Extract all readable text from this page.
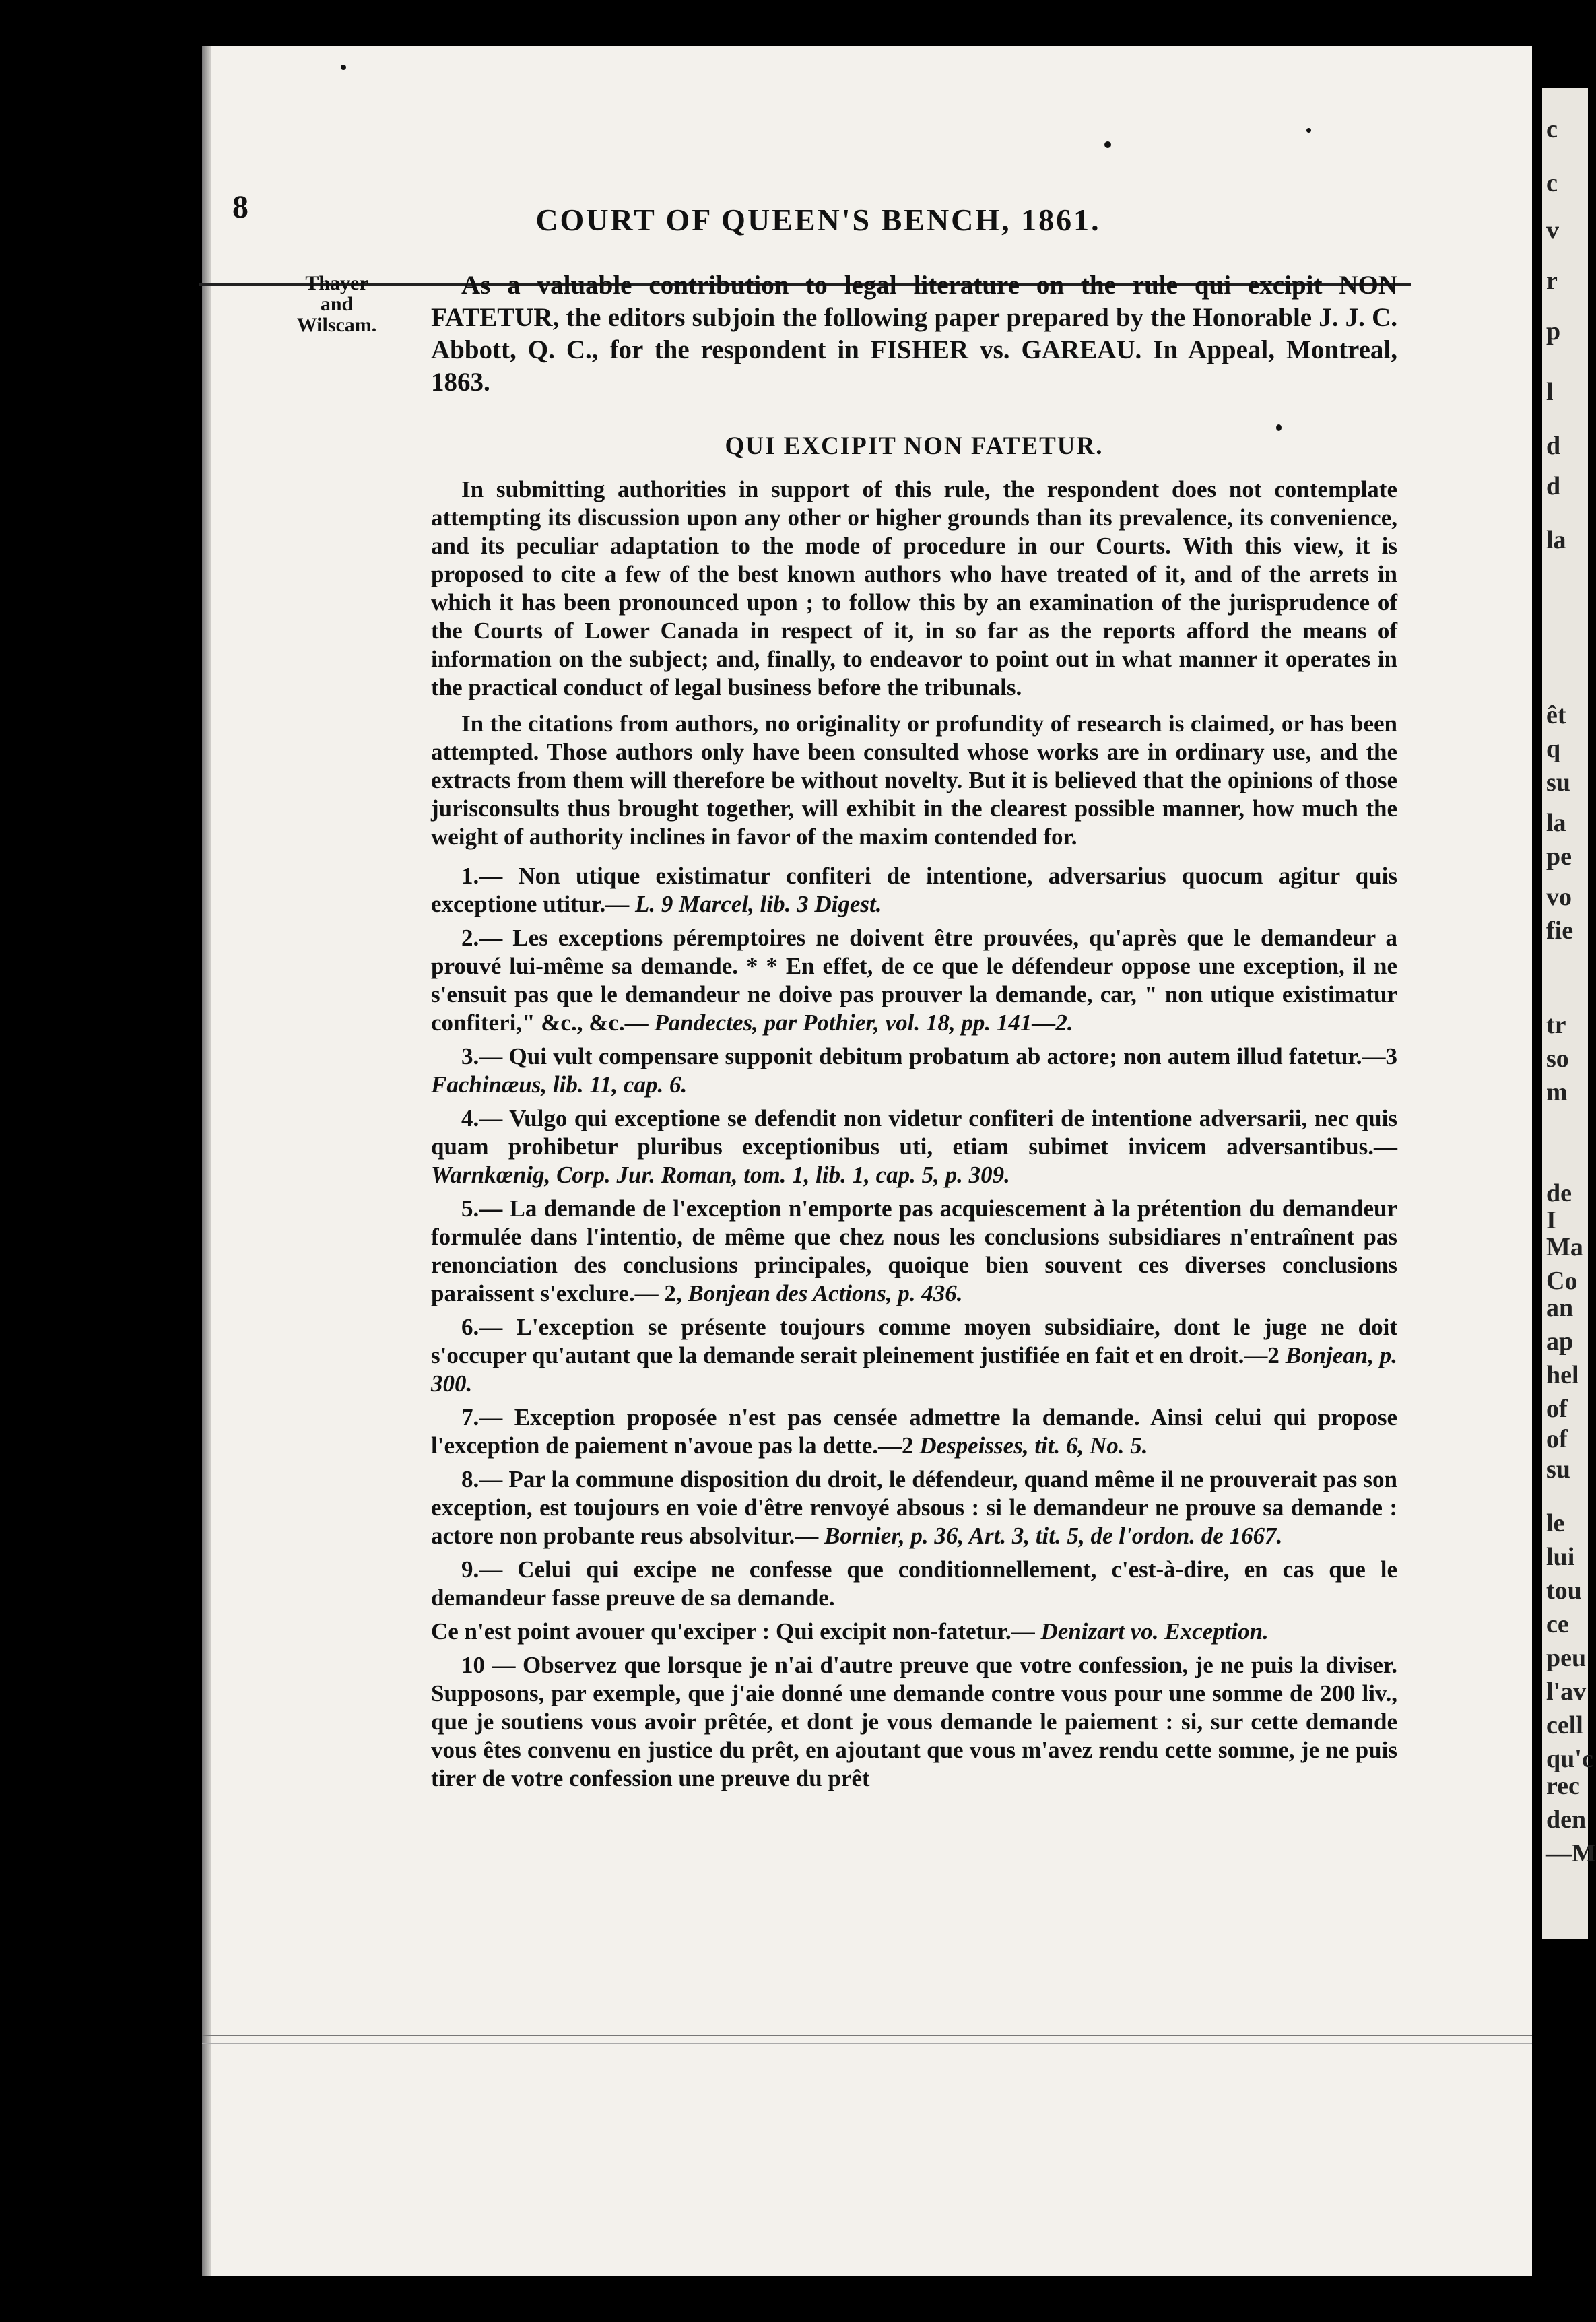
c
c
v
r
p
l
d
d
la
êt
q
su
la
pe
vo
fie
tr
so
m
de
I
Ma
Co
an
ap
hel
of
of
su
le
lui
tou
ce
peu
l'av
cell
qu'c
rec
den
—M
8	COURT OF QUEEN'S BENCH, 1861.
Thayer
and
Wilscam.

As a valuable contribution to legal literature on the rule qui excipit NON FATETUR, the editors subjoin the following paper prepared by the Honorable J. J. C. Abbott, Q. C., for the respondent in FISHER vs. GAREAU. In Appeal, Montreal, 1863.

QUI EXCIPIT NON FATETUR.

In submitting authorities in support of this rule, the respondent does not contemplate attempting its discussion upon any other or higher grounds than its prevalence, its convenience, and its peculiar adaptation to the mode of procedure in our Courts. With this view, it is proposed to cite a few of the best known authors who have treated of it, and of the arrets in which it has been pronounced upon ; to follow this by an examination of the jurisprudence of the Courts of Lower Canada in respect of it, in so far as the reports afford the means of information on the subject; and, finally, to endeavor to point out in what manner it operates in the practical conduct of legal business before the tribunals.

In the citations from authors, no originality or profundity of research is claimed, or has been attempted. Those authors only have been consulted whose works are in ordinary use, and the extracts from them will therefore be without novelty. But it is believed that the opinions of those jurisconsults thus brought together, will exhibit in the clearest possible manner, how much the weight of authority inclines in favor of the maxim contended for.

1.— Non utique existimatur confiteri de intentione, adversarius quocum agitur quis exceptione utitur.— L. 9 Marcel, lib. 3 Digest.

2.— Les exceptions péremptoires ne doivent être prouvées, qu'après que le demandeur a prouvé lui-même sa demande. * * En effet, de ce que le défendeur oppose une exception, il ne s'ensuit pas que le demandeur ne doive pas prouver la demande, car, " non utique existimatur confiteri," &c., &c.— Pandectes, par Pothier, vol. 18, pp. 141—2.

3.— Qui vult compensare supponit debitum probatum ab actore; non autem illud fatetur.—3 Fachinæus, lib. 11, cap. 6.

4.— Vulgo qui exceptione se defendit non videtur confiteri de intentione adversarii, nec quis quam prohibetur pluribus exceptionibus uti, etiam subimet invicem adversantibus.— Warnkœnig, Corp. Jur. Roman, tom. 1, lib. 1, cap. 5, p. 309.

5.— La demande de l'exception n'emporte pas acquiescement à la prétention du demandeur formulée dans l'intentio, de même que chez nous les conclusions subsidiares n'entraînent pas renonciation des conclusions principales, quoique bien souvent ces diverses conclusions paraissent s'exclure.— 2, Bonjean des Actions, p. 436.

6.— L'exception se présente toujours comme moyen subsidiaire, dont le juge ne doit s'occuper qu'autant que la demande serait pleinement justifiée en fait et en droit.—2 Bonjean, p. 300.

7.— Exception proposée n'est pas censée admettre la demande. Ainsi celui qui propose l'exception de paiement n'avoue pas la dette.—2 Despeisses, tit. 6, No. 5.

8.— Par la commune disposition du droit, le défendeur, quand même il ne prouverait pas son exception, est toujours en voie d'être renvoyé absous : si le demandeur ne prouve sa demande : actore non probante reus absolvitur.— Bornier, p. 36, Art. 3, tit. 5, de l'ordon. de 1667.

9.— Celui qui excipe ne confesse que conditionnellement, c'est-à-dire, en cas que le demandeur fasse preuve de sa demande.

Ce n'est point avouer qu'exciper : Qui excipit non-fatetur.— Denizart vo. Exception.

10 — Observez que lorsque je n'ai d'autre preuve que votre confession, je ne puis la diviser. Supposons, par exemple, que j'aie donné une demande contre vous pour une somme de 200 liv., que je soutiens vous avoir prêtée, et dont je vous demande le paiement : si, sur cette demande vous êtes convenu en justice du prêt, en ajoutant que vous m'avez rendu cette somme, je ne puis tirer de votre confession une preuve du prêt
